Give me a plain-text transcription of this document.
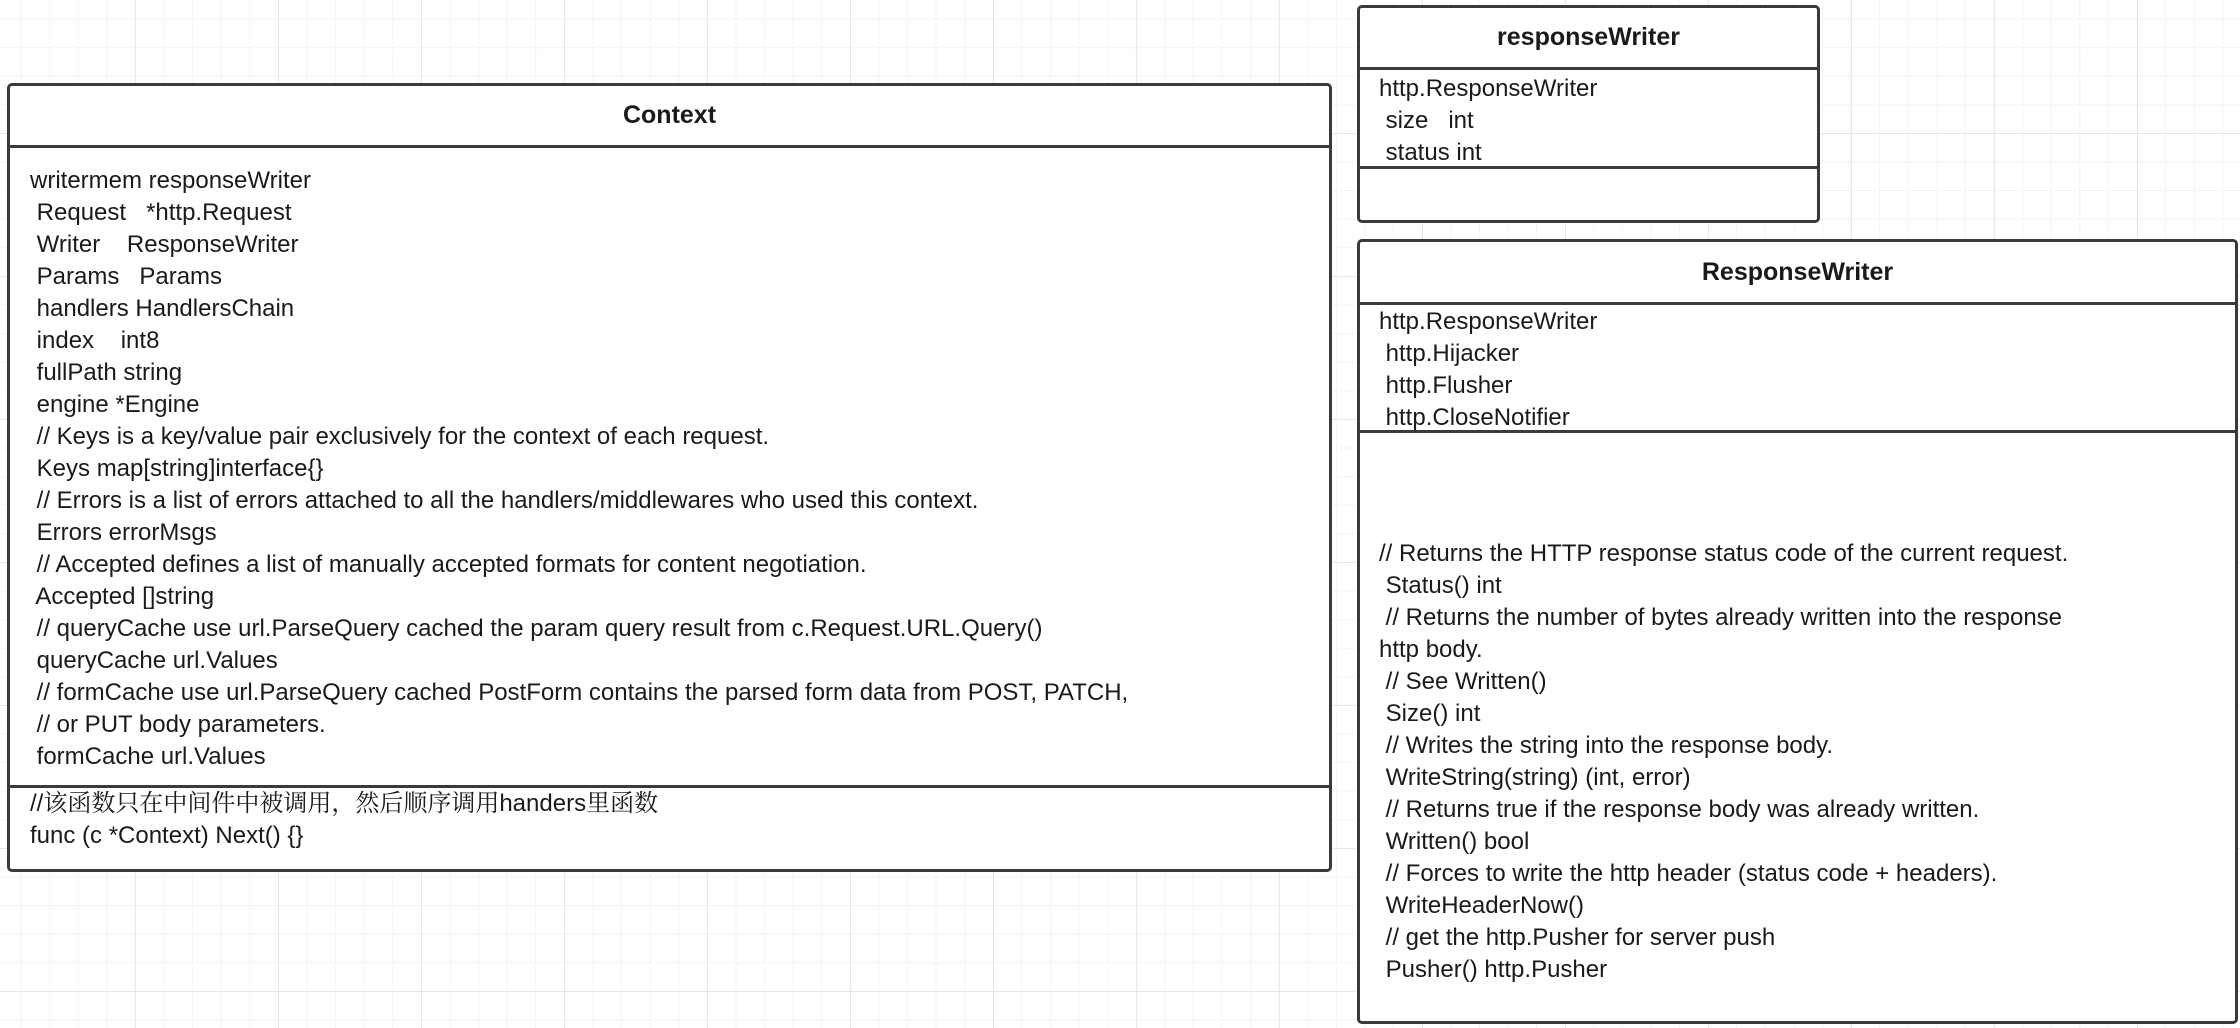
Context
writermem responseWriter
Request   *http.Request
Writer    ResponseWriter
Params   Params
handlers HandlersChain
index    int8
fullPath string
engine *Engine
// Keys is a key/value pair exclusively for the context of each request.
Keys map[string]interface{}
// Errors is a list of errors attached to all the handlers/middlewares who used this context.
Errors errorMsgs
// Accepted defines a list of manually accepted formats for content negotiation.
Accepted []string
// queryCache use url.ParseQuery cached the param query result from c.Request.URL.Query()
queryCache url.Values
// formCache use url.ParseQuery cached PostForm contains the parsed form data from POST, PATCH,
// or PUT body parameters.
formCache url.Values
//该函数只在中间件中被调用，然后顺序调用handers里函数
func (c *Context) Next() {}
responseWriter
http.ResponseWriter
size   int
status int
ResponseWriter
http.ResponseWriter
http.Hijacker
http.Flusher
http.CloseNotifier
// Returns the HTTP response status code of the current request.
Status() int
// Returns the number of bytes already written into the response
http body.
// See Written()
Size() int
// Writes the string into the response body.
WriteString(string) (int, error)
// Returns true if the response body was already written.
Written() bool
// Forces to write the http header (status code + headers).
WriteHeaderNow()
// get the http.Pusher for server push
Pusher() http.Pusher
